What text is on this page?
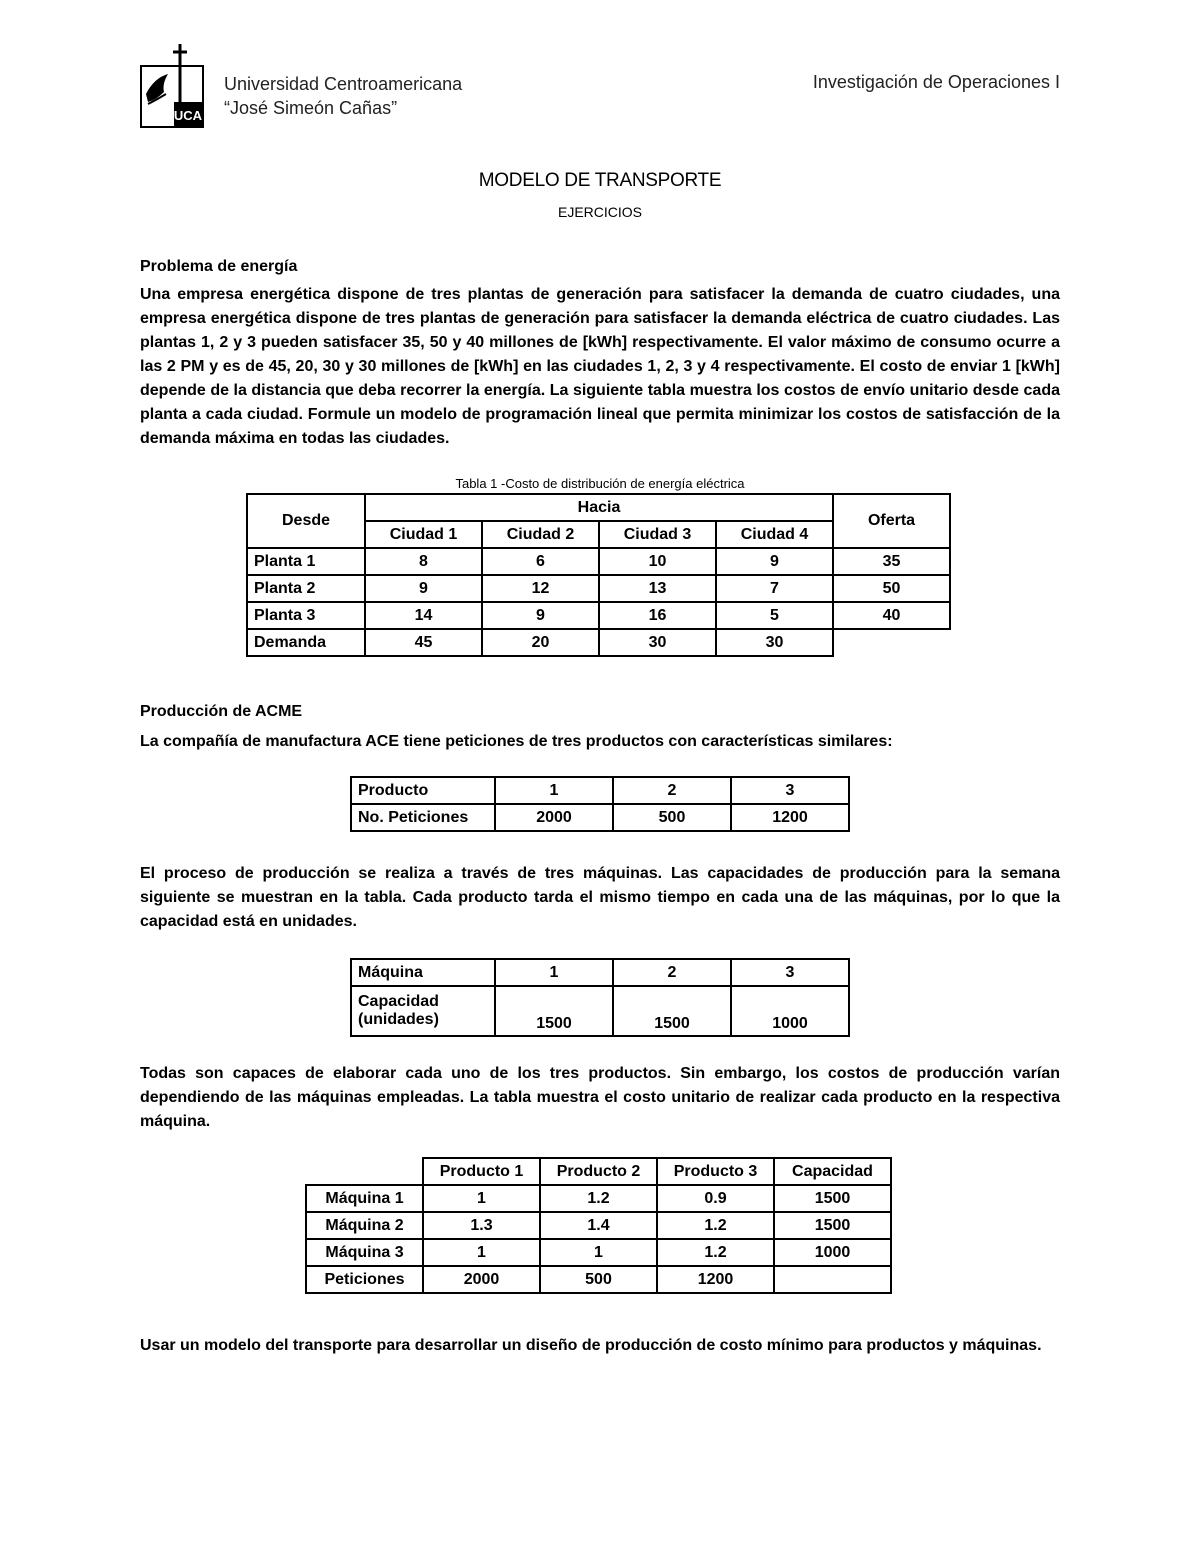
UCA
Universidad Centroamericana
“José Simeón Cañas”
Investigación de Operaciones I
MODELO DE TRANSPORTE
EJERCICIOS
Problema de energía
Una empresa energética dispone de tres plantas de generación para satisfacer la demanda de cuatro ciudades, una empresa energética dispone de tres plantas de generación para satisfacer la demanda eléctrica de cuatro ciudades. Las plantas 1, 2 y 3 pueden satisfacer 35, 50 y 40 millones de [kWh] respectivamente. El valor máximo de consumo ocurre a las 2 PM y es de 45, 20, 30 y 30 millones de [kWh] en las ciudades 1, 2, 3 y 4 respectivamente. El costo de enviar 1 [kWh] depende de la distancia que deba recorrer la energía. La siguiente tabla muestra los costos de envío unitario desde cada planta a cada ciudad. Formule un modelo de programación lineal que permita minimizar los costos de satisfacción de la demanda máxima en todas las ciudades.
Tabla 1 -Costo de distribución de energía eléctrica
Desde	Hacia				Oferta
	Ciudad 1	Ciudad 2	Ciudad 3	Ciudad 4	
Planta 1	8	6	10	9	35
Planta 2	9	12	13	7	50
Planta 3	14	9	16	5	40
Demanda	45	20	30	30	
Producción de ACME
La compañía de manufactura ACE tiene peticiones de tres productos con características similares:
Producto	1	2	3
No. Peticiones	2000	500	1200
El proceso de producción se realiza a través de tres máquinas. Las capacidades de producción para la semana siguiente se muestran en la tabla. Cada producto tarda el mismo tiempo en cada una de las máquinas, por lo que la capacidad está en unidades.
Máquina	1	2	3

Capacidad
(unidades)	1500	1500	1000
Todas son capaces de elaborar cada uno de los tres productos. Sin embargo, los costos de producción varían dependiendo de las máquinas empleadas. La tabla muestra el costo unitario de realizar cada producto en la respectiva máquina.
	Producto 1	Producto 2	Producto 3	Capacidad
Máquina 1	1	1.2	0.9	1500
Máquina 2	1.3	1.4	1.2	1500
Máquina 3	1	1	1.2	1000
Peticiones	2000	500	1200	
Usar un modelo del transporte para desarrollar un diseño de producción de costo mínimo para productos y máquinas.
